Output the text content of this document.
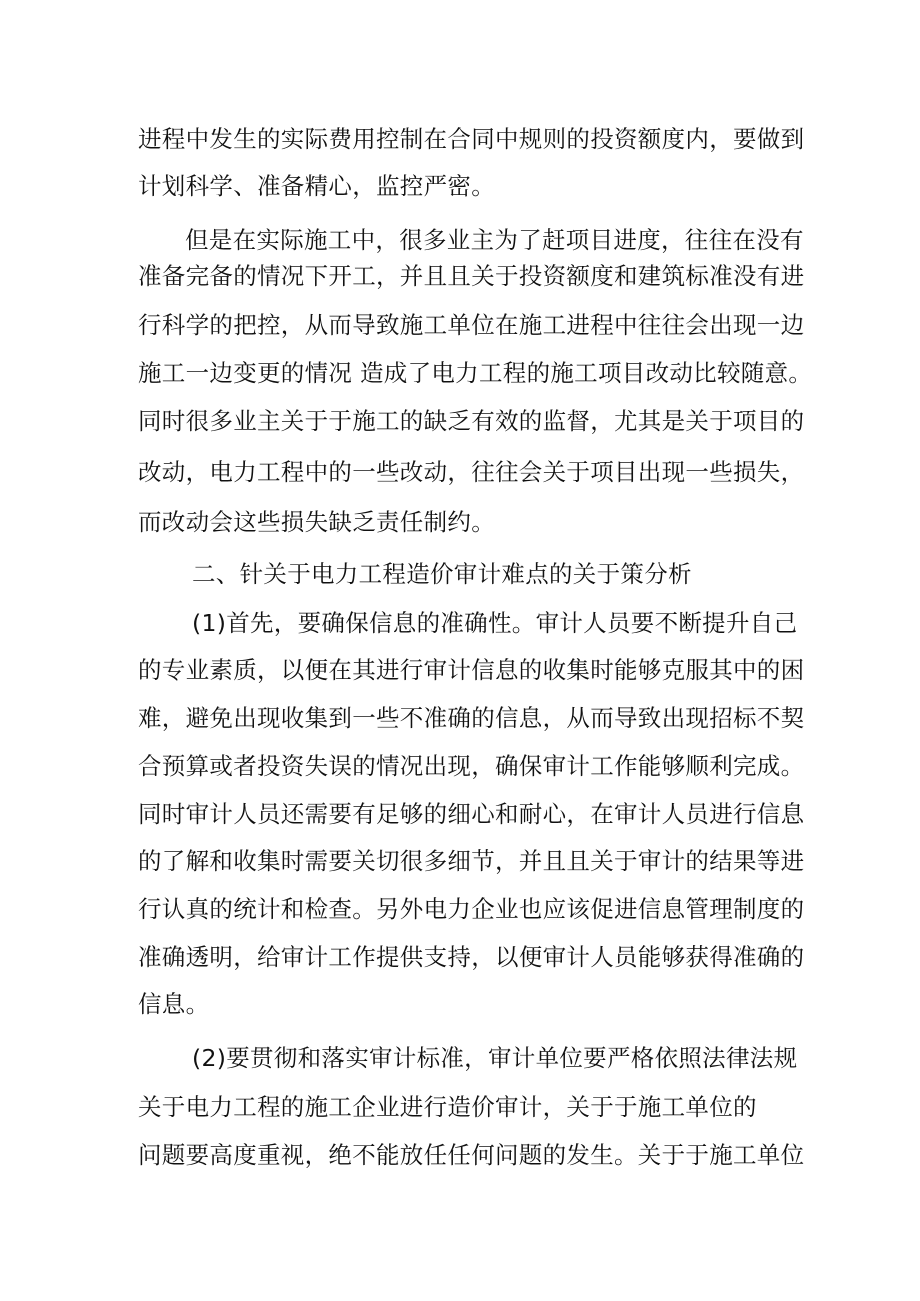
进程中发生的实际费用控制在合同中规则的投资额度内，要做到
计划科学、准备精心，监控严密。
但是在实际施工中，很多业主为了赶项目进度，往往在没有
准备完备的情况下开工，并且且关于投资额度和建筑标准没有进
行科学的把控，从而导致施工单位在施工进程中往往会出现一边
施工一边变更的情况 造成了电力工程的施工项目改动比较随意。
同时很多业主关于于施工的缺乏有效的监督，尤其是关于项目的
改动，电力工程中的一些改动，往往会关于项目出现一些损失，
而改动会这些损失缺乏责任制约。
二、针关于电力工程造价审计难点的关于策分析
(1)首先，要确保信息的准确性。审计人员要不断提升自己
的专业素质，以便在其进行审计信息的收集时能够克服其中的困
难，避免出现收集到一些不准确的信息，从而导致出现招标不契
合预算或者投资失误的情况出现，确保审计工作能够顺利完成。
同时审计人员还需要有足够的细心和耐心，在审计人员进行信息
的了解和收集时需要关切很多细节，并且且关于审计的结果等进
行认真的统计和检查。另外电力企业也应该促进信息管理制度的
准确透明，给审计工作提供支持，以便审计人员能够获得准确的
信息。
(2)要贯彻和落实审计标准，审计单位要严格依照法律法规
关于电力工程的施工企业进行造价审计，关于于施工单位的
问题要高度重视，绝不能放任任何问题的发生。关于于施工单位
